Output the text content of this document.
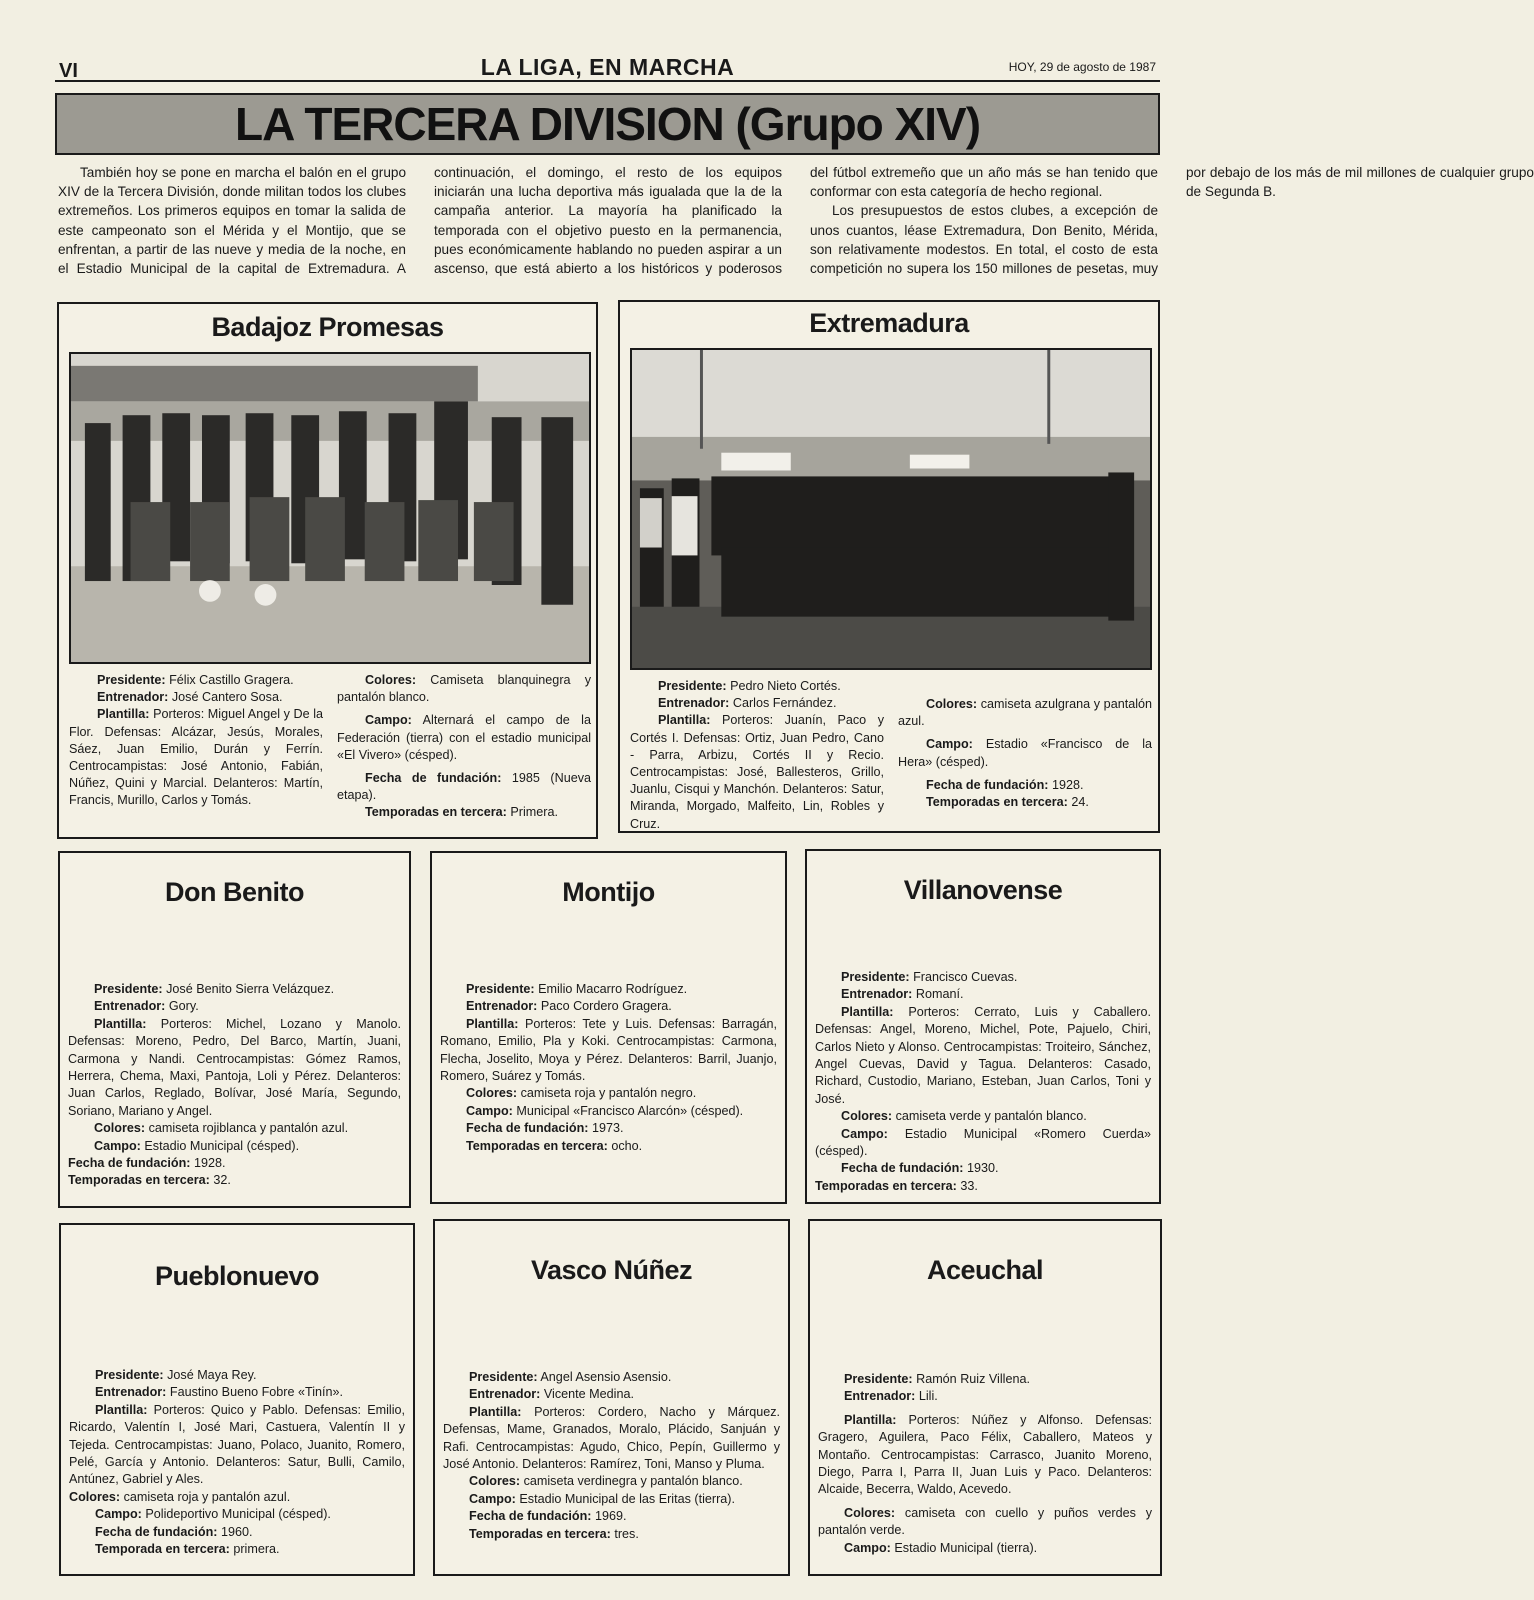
VI	LA LIGA, EN MARCHA	HOY, 29 de agosto de 1987
LA TERCERA DIVISION (Grupo XIV)

También hoy se pone en marcha el balón en el grupo XIV de la Tercera División, donde militan todos los clubes extremeños. Los primeros equipos en tomar la salida de este campeonato son el Mérida y el Montijo, que se enfrentan, a partir de las nueve y media de la noche, en el Estadio Municipal de la capital de Extremadura. A continuación, el domingo, el resto de los equipos iniciarán una lucha deportiva más igualada que la de la campaña anterior. La mayoría ha planificado la temporada con el objetivo puesto en la permanencia, pues económicamente hablando no pueden aspirar a un ascenso, que está abierto a los históricos y poderosos del fútbol extremeño que un año más se han tenido que conformar con esta categoría de hecho regional.

Los presupuestos de estos clubes, a excepción de unos cuantos, léase Extremadura, Don Benito, Mérida, son relativamente modestos. En total, el costo de esta competición no supera los 150 millones de pesetas, muy por debajo de los más de mil millones de cualquier grupo de Segunda B.

Badajoz Promesas

Presidente: Félix Castillo Gragera.

Entrenador: José Cantero Sosa.

Plantilla: Porteros: Miguel Angel y De la Flor. Defensas: Alcázar, Jesús, Morales, Sáez, Juan Emilio, Durán y Ferrín. Centrocampistas: José Antonio, Fabián, Núñez, Quini y Marcial. Delanteros: Martín, Francis, Murillo, Carlos y Tomás.

Colores: Camiseta blanquinegra y pantalón blanco.

Campo: Alternará el campo de la Federación (tierra) con el estadio municipal «El Vivero» (césped).

Fecha de fundación: 1985 (Nueva etapa).

Temporadas en tercera: Primera.

Extremadura

Presidente: Pedro Nieto Cortés.

Entrenador: Carlos Fernández.

Plantilla: Porteros: Juanín, Paco y Cortés I. Defensas: Ortiz, Juan Pedro, Cano - Parra, Arbizu, Cortés II y Recio. Centrocampistas: José, Ballesteros, Grillo, Juanlu, Cisqui y Manchón. Delanteros: Satur, Miranda, Morgado, Malfeito, Lin, Robles y Cruz.

Colores: camiseta azulgrana y pantalón azul.

Campo: Estadio «Francisco de la Hera» (césped).

Fecha de fundación: 1928.

Temporadas en tercera: 24.

Don Benito

Presidente: José Benito Sierra Velázquez.

Entrenador: Gory.

Plantilla: Porteros: Michel, Lozano y Manolo. Defensas: Moreno, Pedro, Del Barco, Martín, Juani, Carmona y Nandi. Centrocampistas: Gómez Ramos, Herrera, Chema, Maxi, Pantoja, Loli y Pérez. Delanteros: Juan Carlos, Reglado, Bolívar, José María, Segundo, Soriano, Mariano y Angel.

Colores: camiseta rojiblanca y pantalón azul.

Campo: Estadio Municipal (césped).

Fecha de fundación: 1928.

Temporadas en tercera: 32.

Montijo

Presidente: Emilio Macarro Rodríguez.

Entrenador: Paco Cordero Gragera.

Plantilla: Porteros: Tete y Luis. Defensas: Barragán, Romano, Emilio, Pla y Koki. Centrocampistas: Carmona, Flecha, Joselito, Moya y Pérez. Delanteros: Barril, Juanjo, Romero, Suárez y Tomás.

Colores: camiseta roja y pantalón negro.

Campo: Municipal «Francisco Alarcón» (césped).

Fecha de fundación: 1973.

Temporadas en tercera: ocho.

Villanovense

Presidente: Francisco Cuevas.

Entrenador: Romaní.

Plantilla: Porteros: Cerrato, Luis y Caballero. Defensas: Angel, Moreno, Michel, Pote, Pajuelo, Chiri, Carlos Nieto y Alonso. Centrocampistas: Troiteiro, Sánchez, Angel Cuevas, David y Tagua. Delanteros: Casado, Richard, Custodio, Mariano, Esteban, Juan Carlos, Toni y José.

Colores: camiseta verde y pantalón blanco.

Campo: Estadio Municipal «Romero Cuerda» (césped).

Fecha de fundación: 1930.

Temporadas en tercera: 33.

Pueblonuevo

Presidente: José Maya Rey.

Entrenador: Faustino Bueno Fobre «Tinín».

Plantilla: Porteros: Quico y Pablo. Defensas: Emilio, Ricardo, Valentín I, José Mari, Castuera, Valentín II y Tejeda. Centrocampistas: Juano, Polaco, Juanito, Romero, Pelé, García y Antonio. Delanteros: Satur, Bulli, Camilo, Antúnez, Gabriel y Ales.

Colores: camiseta roja y pantalón azul.

Campo: Polideportivo Municipal (césped).

Fecha de fundación: 1960.

Temporada en tercera: primera.

Vasco Núñez

Presidente: Angel Asensio Asensio.

Entrenador: Vicente Medina.

Plantilla: Porteros: Cordero, Nacho y Márquez. Defensas, Mame, Granados, Moralo, Plácido, Sanjuán y Rafi. Centrocampistas: Agudo, Chico, Pepín, Guillermo y José Antonio. Delanteros: Ramírez, Toni, Manso y Pluma.

Colores: camiseta verdinegra y pantalón blanco.

Campo: Estadio Municipal de las Eritas (tierra).

Fecha de fundación: 1969.

Temporadas en tercera: tres.

Aceuchal

Presidente: Ramón Ruiz Villena.

Entrenador: Lili.

Plantilla: Porteros: Núñez y Alfonso. Defensas: Gragero, Aguilera, Paco Félix, Caballero, Mateos y Montaño. Centrocampistas: Carrasco, Juanito Moreno, Diego, Parra I, Parra II, Juan Luis y Paco. Delanteros: Alcaide, Becerra, Waldo, Acevedo.

Colores: camiseta con cuello y puños verdes y pantalón verde.

Campo: Estadio Municipal (tierra).
